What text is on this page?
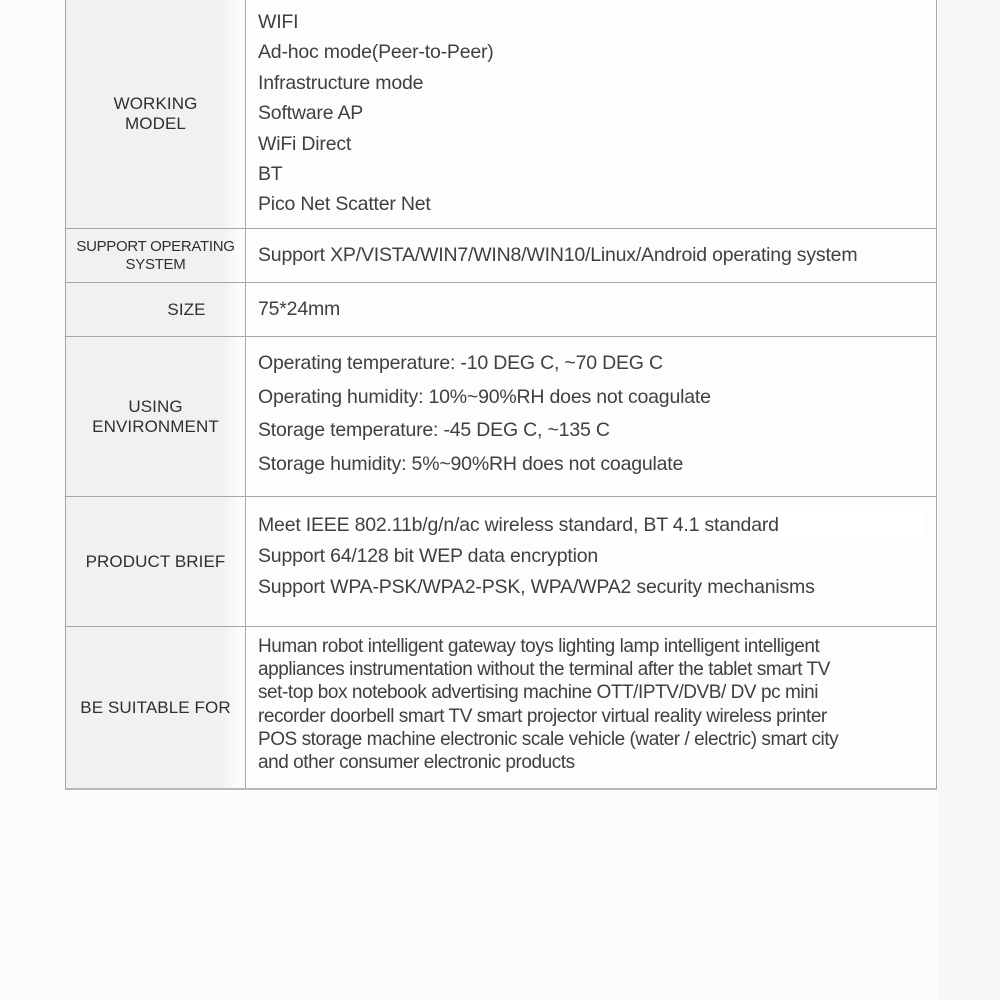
WORKING
MODEL
WIFI
Ad-hoc mode(Peer-to-Peer)
Infrastructure mode
Software AP
WiFi Direct
BT
Pico Net Scatter Net
SUPPORT OPERATING
SYSTEM	Support XP/VISTA/WIN7/WIN8/WIN10/Linux/Android operating system
SIZE	75*24mm
USING
ENVIRONMENT
Operating temperature: -10 DEG C, ~70 DEG C
Operating humidity: 10%~90%RH does not coagulate
Storage temperature: -45 DEG C, ~135 C
Storage humidity: 5%~90%RH does not coagulate
PRODUCT BRIEF
Meet IEEE 802.11b/g/n/ac wireless standard, BT 4.1 standard
Support 64/128 bit WEP data encryption
Support WPA-PSK/WPA2-PSK, WPA/WPA2 security mechanisms
BE SUITABLE FOR
Human robot intelligent gateway toys lighting lamp intelligent intelligent
appliances instrumentation without the terminal after the tablet smart TV
set-top box notebook advertising machine OTT/IPTV/DVB/ DV pc mini
recorder doorbell smart TV smart projector virtual reality wireless printer
POS storage machine electronic scale vehicle (water / electric) smart city
and other consumer electronic products
